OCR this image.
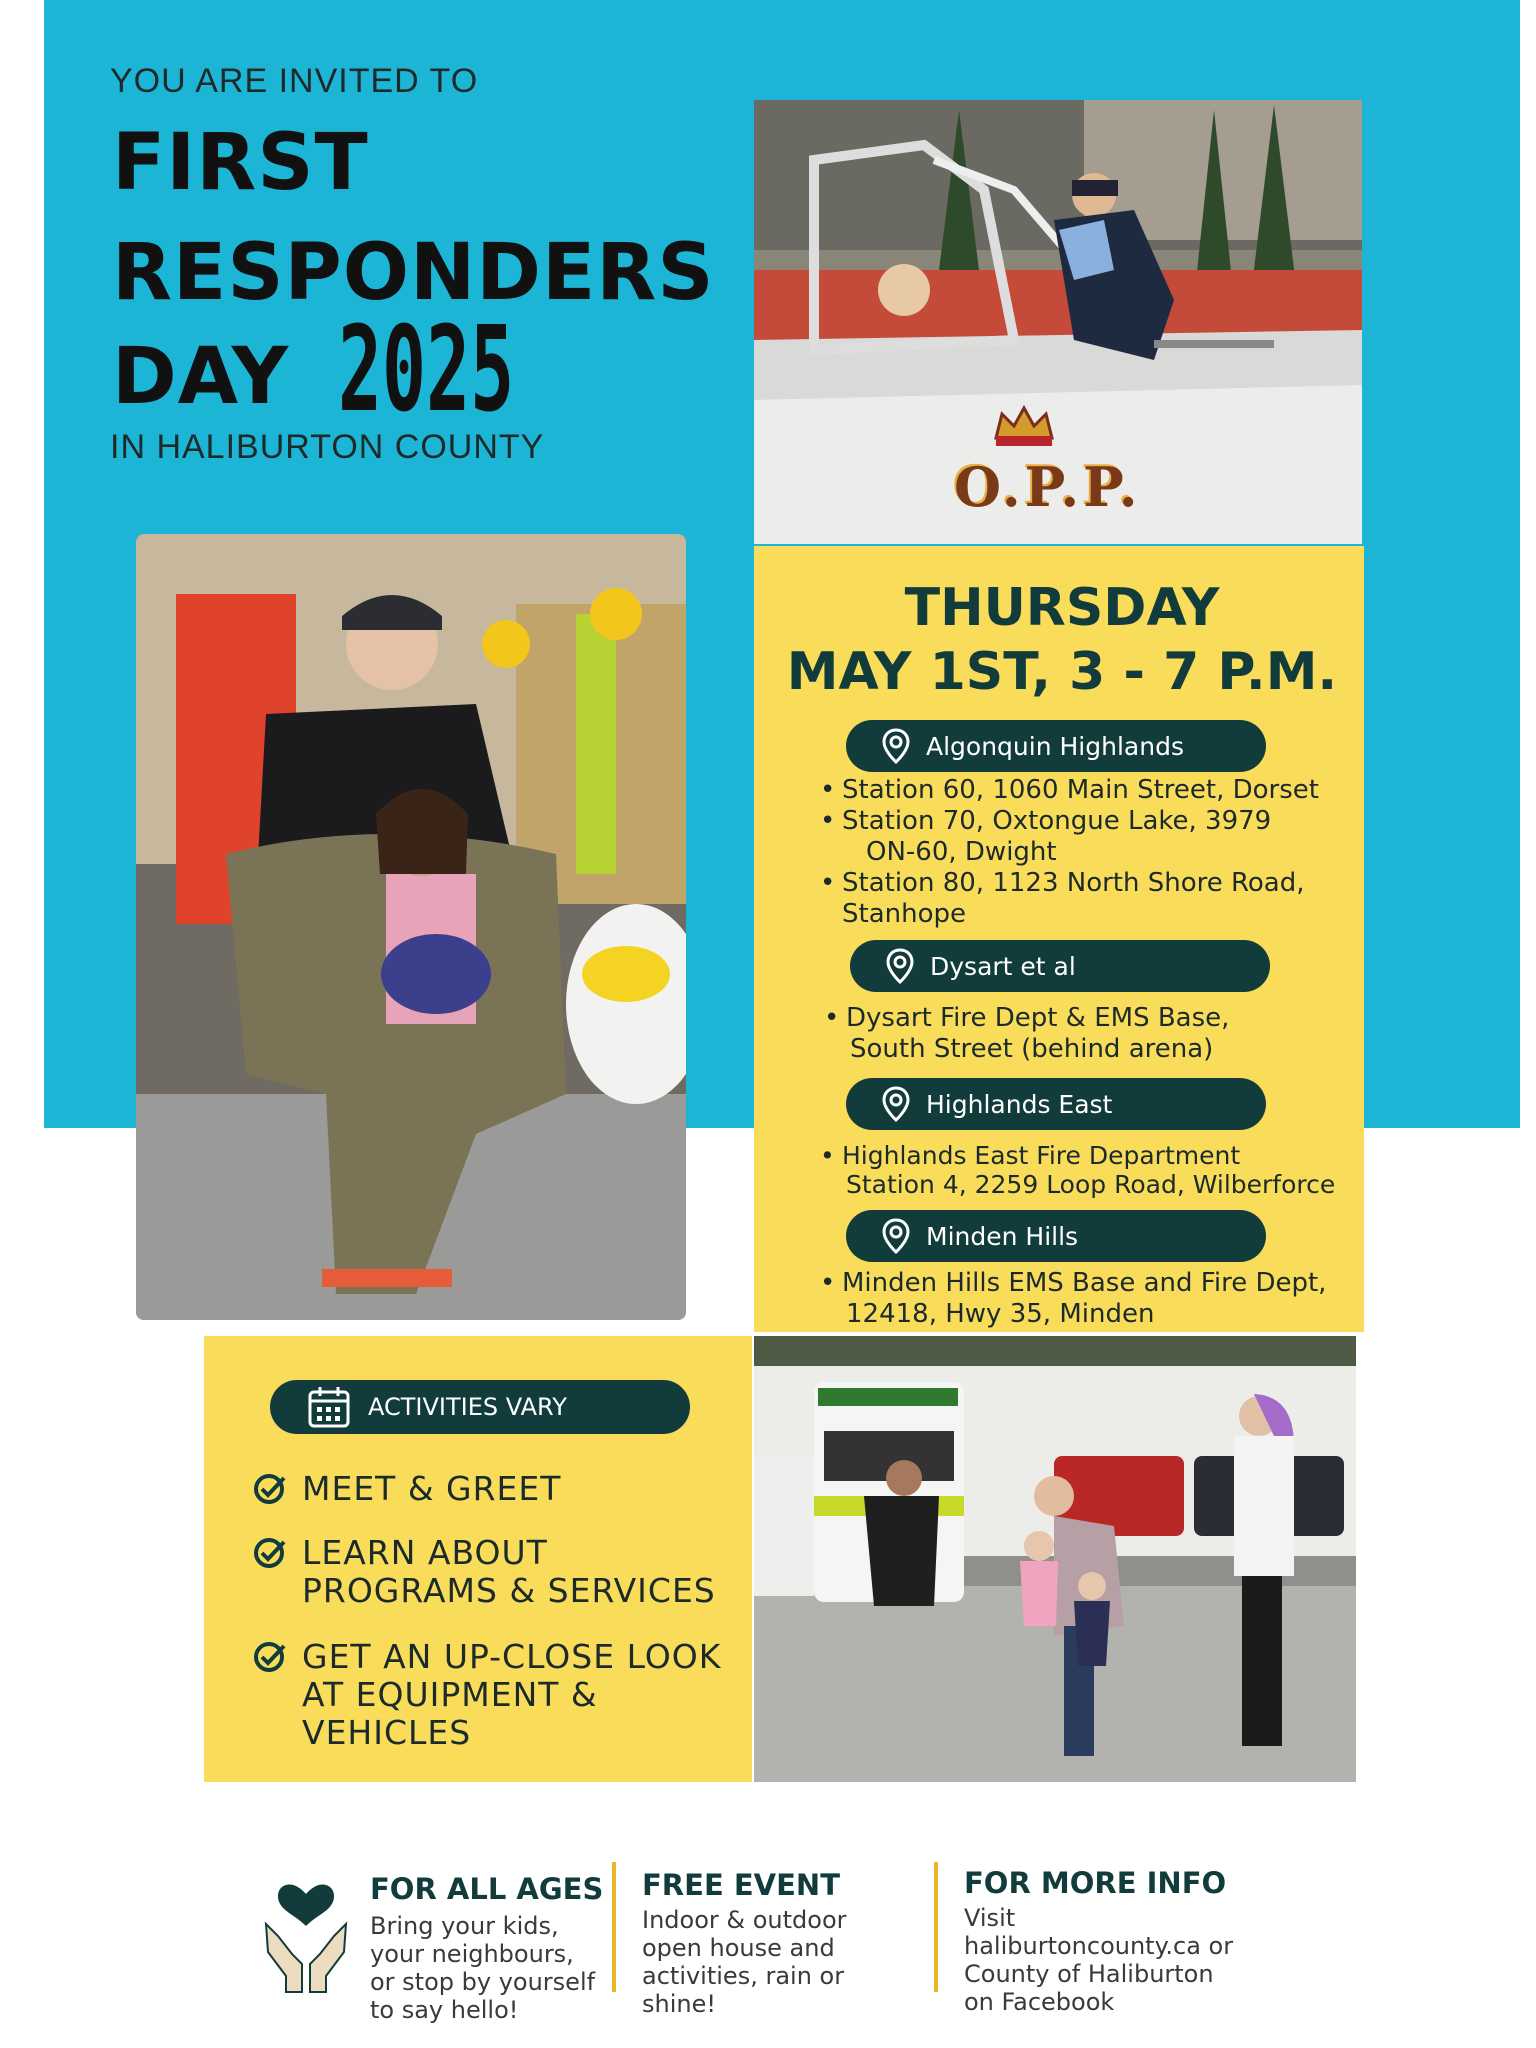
YOU ARE INVITED TO
FIRST
RESPONDERS
DAY 2025
IN HALIBURTON COUNTY
O.P.P.
THURSDAY
MAY 1ST, 3 - 7 P.M.
Algonquin Highlands
• Station 60, 1060 Main Street, Dorset
• Station 70, Oxtongue Lake, 3979
ON-60, Dwight
• Station 80, 1123 North Shore Road,
Stanhope
Dysart et al
• Dysart Fire Dept & EMS Base,
South Street (behind arena)
Highlands East
• Highlands East Fire Department
Station 4, 2259 Loop Road, Wilberforce
Minden Hills
• Minden Hills EMS Base and Fire Dept,
12418, Hwy 35, Minden
ACTIVITIES VARY
MEET & GREET
LEARN ABOUT
PROGRAMS & SERVICES
GET AN UP-CLOSE LOOK
AT EQUIPMENT &
VEHICLES
FOR ALL AGES
Bring your kids,
your neighbours,
or stop by yourself
to say hello!
FREE EVENT
Indoor & outdoor
open house and
activities, rain or
shine!
FOR MORE INFO
Visit
haliburtoncounty.ca or
County of Haliburton
on Facebook
